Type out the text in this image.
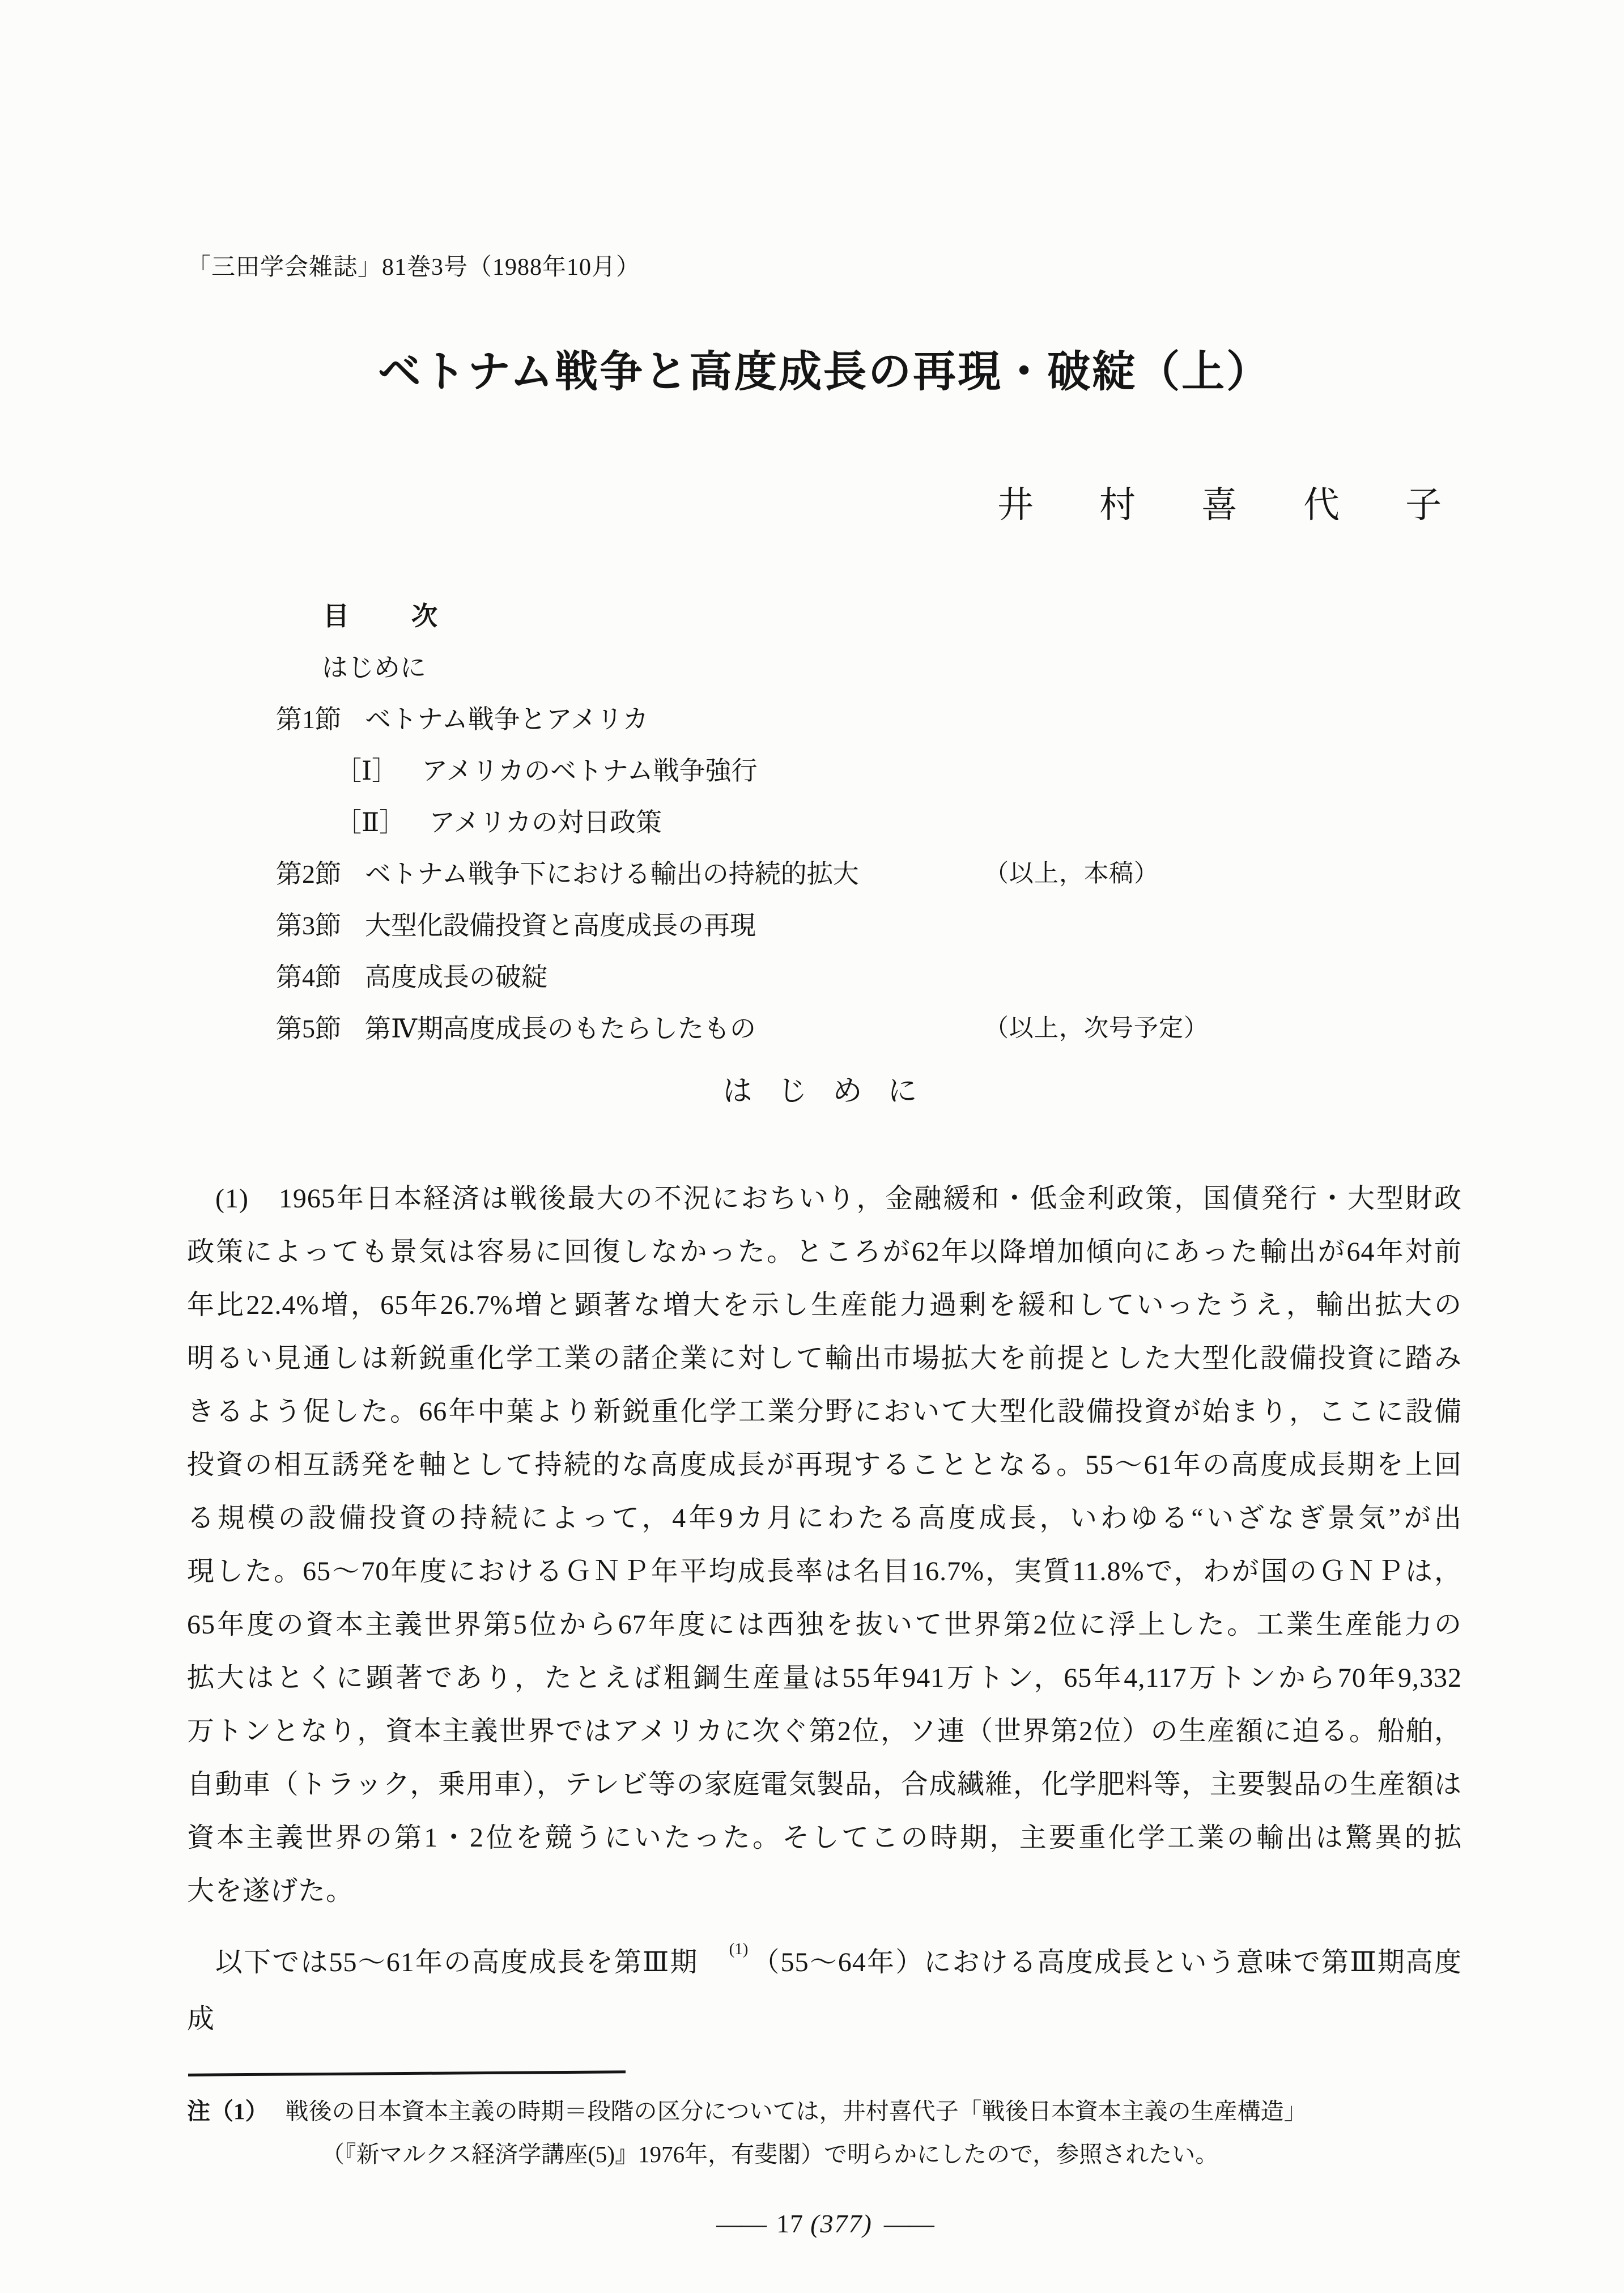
「三田学会雑誌」81巻3号（1988年10月）
ベトナム戦争と高度成長の再現・破綻（上）
井　村　喜　代　子
目　　次
はじめに
第1節 ベトナム戦争とアメリカ
［Ⅰ］ アメリカのベトナム戦争強行
［Ⅱ］ アメリカの対日政策
第2節 ベトナム戦争下における輸出の持続的拡大	（以上，本稿）
第3節 大型化設備投資と高度成長の再現
第4節 高度成長の破綻
第5節 第Ⅳ期高度成長のもたらしたもの	（以上，次号予定）
は じ め に
(1)　1965年日本経済は戦後最大の不況におちいり，金融緩和・低金利政策，国債発行・大型財政
政策によっても景気は容易に回復しなかった。ところが62年以降増加傾向にあった輸出が64年対前
年比22.4%増，65年26.7%増と顕著な増大を示し生産能力過剰を緩和していったうえ，輸出拡大の
明るい見通しは新鋭重化学工業の諸企業に対して輸出市場拡大を前提とした大型化設備投資に踏み
きるよう促した。66年中葉より新鋭重化学工業分野において大型化設備投資が始まり，ここに設備
投資の相互誘発を軸として持続的な高度成長が再現することとなる。55～61年の高度成長期を上回
る規模の設備投資の持続によって，4年9カ月にわたる高度成長，いわゆる“いざなぎ景気”が出
現した。65～70年度におけるＧＮＰ年平均成長率は名目16.7%，実質11.8%で，わが国のＧＮＰは，
65年度の資本主義世界第5位から67年度には西独を抜いて世界第2位に浮上した。工業生産能力の
拡大はとくに顕著であり，たとえば粗鋼生産量は55年941万トン，65年4,117万トンから70年9,332
万トンとなり，資本主義世界ではアメリカに次ぐ第2位，ソ連（世界第2位）の生産額に迫る。船舶，
自動車（トラック，乗用車），テレビ等の家庭電気製品，合成繊維，化学肥料等，主要製品の生産額は
資本主義世界の第1・2位を競うにいたった。そしてこの時期，主要重化学工業の輸出は驚異的拡
大を遂げた。
以下では55～61年の高度成長を第Ⅲ期 (1) （55～64年）における高度成長という意味で第Ⅲ期高度成
注（1） 戦後の日本資本主義の時期＝段階の区分については，井村喜代子「戦後日本資本主義の生産構造」
（『新マルクス経済学講座(5)』1976年，有斐閣）で明らかにしたので，参照されたい。
—— 17 (377) ——
